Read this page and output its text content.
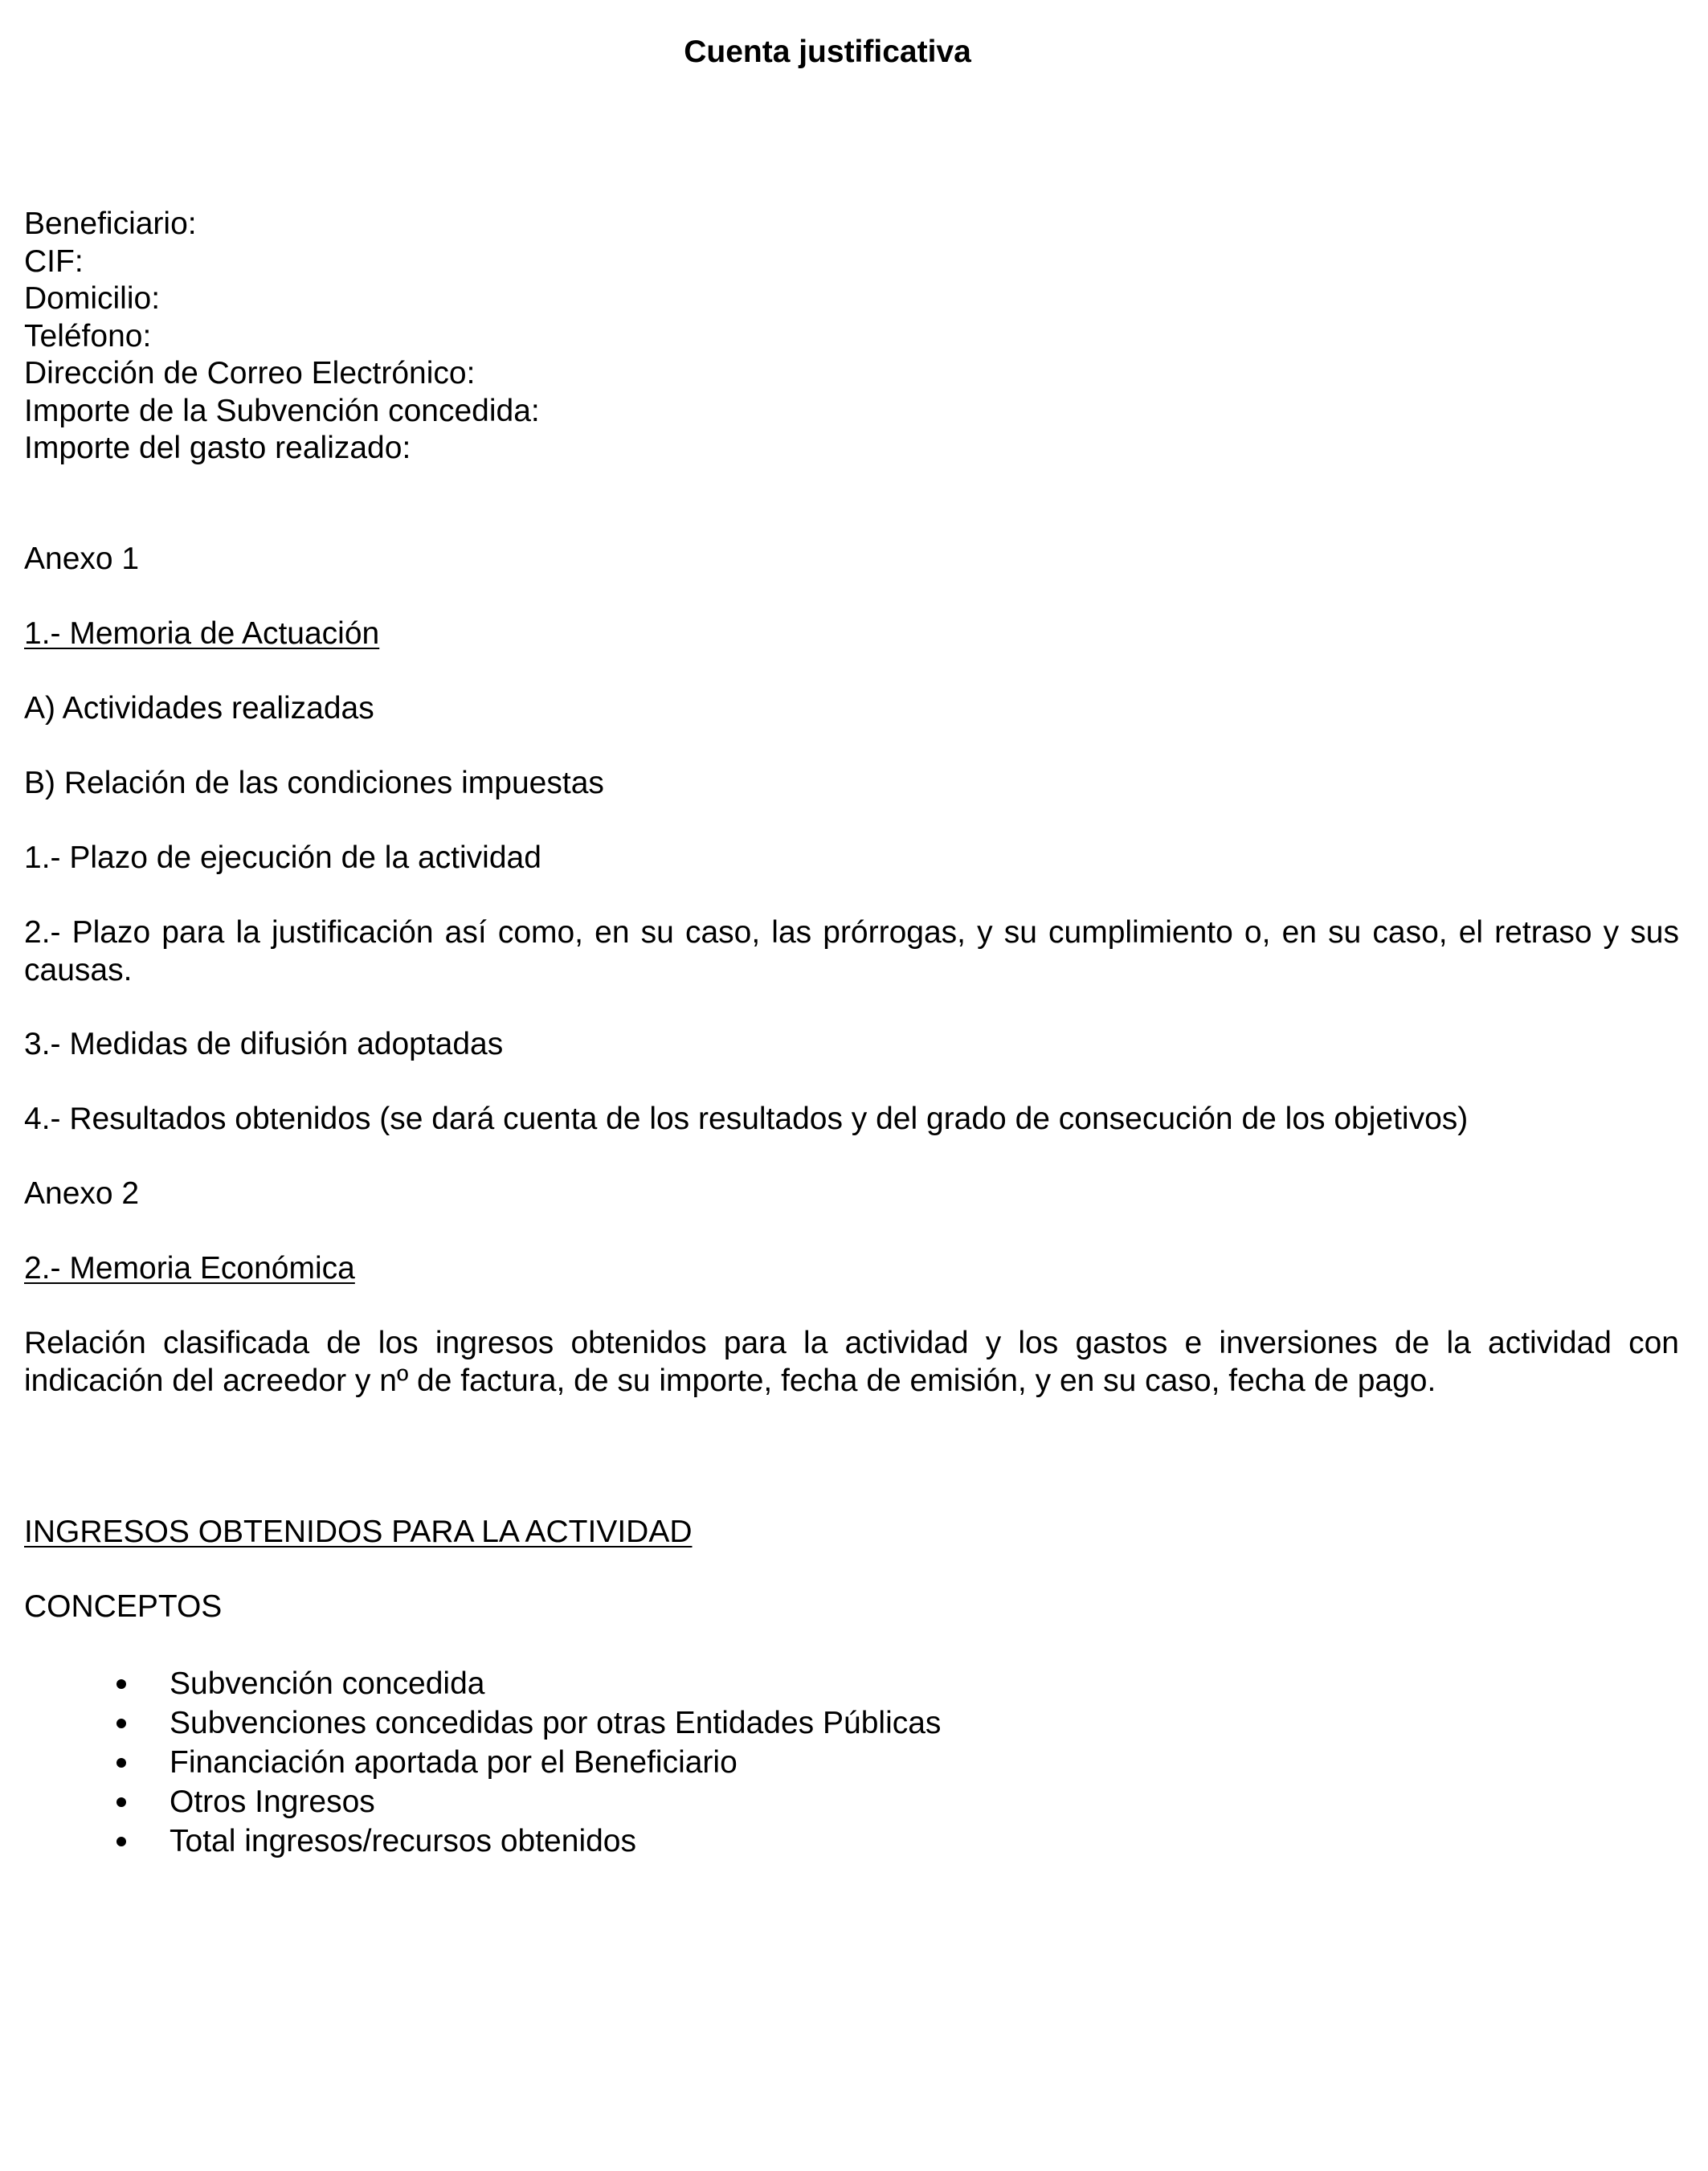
Cuenta justificativa
Beneficiario:
CIF:
Domicilio:
Teléfono:
Dirección de Correo Electrónico:
Importe de la Subvención concedida:
Importe del gasto realizado:
Anexo 1
1.- Memoria de Actuación
A) Actividades realizadas
B) Relación de las condiciones impuestas
1.- Plazo de ejecución de la actividad
2.- Plazo para la justificación así como, en su caso, las prórrogas, y su cumplimiento o, en su caso, el retraso y sus causas.
3.- Medidas de difusión adoptadas
4.- Resultados obtenidos (se dará cuenta de los resultados y del grado de consecución de los objetivos)
Anexo 2
2.- Memoria Económica
Relación clasificada de los ingresos obtenidos para la actividad y los gastos e inversiones de la actividad con indicación del acreedor y nº de factura, de su importe, fecha de emisión, y en su caso, fecha de pago.
INGRESOS OBTENIDOS PARA LA ACTIVIDAD
CONCEPTOS
Subvención concedida
Subvenciones concedidas por otras Entidades Públicas
Financiación aportada por el Beneficiario
Otros Ingresos
Total ingresos/recursos obtenidos
